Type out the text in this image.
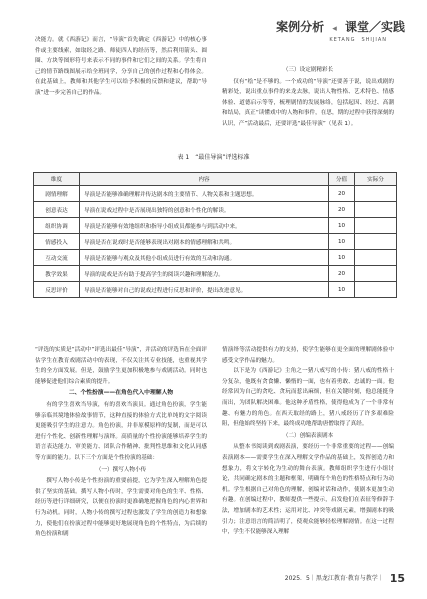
案例分析 ◂ 课堂／实践
KETANG　SHIJIAN

决能力。就《西游记》而言，“导演”首先确定《西游记》中的核心事件或主要线索，如取经之路、师徒四人的经历等，然后利用箭头、圆圈、方块等图形符号来表示不同的事件和它们之间的关系。学生将自己的情节路线图展示给全班同学，分享自己的创作过程和心得体会。在此基础上，教师和其他学生可以给予积极的反馈和建议，帮助“导演”进一步完善自己的作品。

（三）设定剧精彩长

仅有“绘”是不够的。一个成功的“导演”还要善于说，说出戏剧的精彩处，说出重点事件的来龙去脉，说出人物性格、艺术特色、情感体验、道德启示等等，梳理剧情的发展脉络，包括起因、经过、高潮和结局，真正“读懂戏中的人物和事件，在思，期的过程中获得深刻的认识，产”活动最后，还要评选“最佳导演”（见表 1）。

表 1　“最佳导演”评选标准
维度	内容	分值	实际分
剧情理解	导演是否能够准确理解并传达剧本的主要情节、人物关系和主题思想。	20	
创意表达	导演在说戏过程中是否展现出独特的创意和个性化的解读。	20	
组织协调	导演是否能够有效地组织和指导小组成员都能参与到活动中来。	10	
情感投入	导演是否在说戏时是否能够表现出对剧本的情感理解和共鸣。	10	
互动交流	导演是否能够与观众及其他小组成员进行有效的互动和沟通。	10	
教学效果	导演的说戏是否有助于提高学生的阅读兴趣和理解能力。	20	
反思评价	导演是否能够对自己的说戏过程进行反思和评价，提出改进意见。	10	

“评选的实质是“活动中”评选出最佳“导演”，并活动的评选旨在全面评估学生在教育戏剧活动中的表现，不仅关注其专业技能，也重视其学生的全方面发展。但是，鼓励学生更加积极地参与戏剧活动。同时也能够促进他们综合素质的提升。

二、个性扮演——在角色代入中理解人物

有的学生喜欢当导演，有的喜欢当演员。通过角色扮演，学生能够亲临其境地体验故事情节，这种直接的体验方式比单纯的文字阅读更能吸引学生的注意力。角色扮演，并非原模原样的复制，而是可以进行个性化、创新性理解与演绎。高质量的个性扮演能够培养学生的语言表达能力、审美能力、团队合作精神、批判性思维和文化认同感等方面的能力。以下三个方面是个性扮演的基础：

（一）撰写人物小传

撰写人物小传是个性扮演的重要前提，它为学生深入理解角色提供了坚实的基础。撰写人物小传时，学生需要对角色的生平、性格、经历等进行详细研究，以便在扮演时更准确地把握角色的内心世界和行为动机。同时，人物小传的撰写过程也激发了学生的创造力和想象力，使他们在扮演过程中能够更好地展现角色的个性特点，为后续的角色扮演和剧

情演绎等活动提供有力的支持，使学生能够在更全面的理解剧体验中感受文学作品的魅力。

以下是为《西游记》主角之一猪八戒写的小传：猪八戒的性格十分复杂，他既有贪食懒、懒惰的一面，也有着勇敢、忠诚的一面。他经常因为自己的贪吃、贪玩而惹出麻烦，但在关键时刻，他总能挺身而出，为团队解决困难。他这种矛盾性格，使得他成为了一个非常有趣、有魅力的角色。在西天取经的路上，猪八戒经历了许多艰难险阻，但他始终坚持下来，最终成功地帮助唐僧取得了真经。

（二）创编表演剧本

从整本书阅读到戏剧表演，要经历一个非常重要的过程——创编表演剧本——需要学生在深入理解文学作品的基础上，发挥创造力和想象力，将文字转化为生动的舞台表演。教师组织学生进行小组讨论，共同确定剧本的主题和框架，明确每个角色的性格特点和行为动机。学生根据自己对角色的理解，创编对话和动作，使剧本更加生动有趣。在创编过程中，教师提供一些提示，启发他们在表征等修辞手法，增加剧本的艺术性；运用对比、冲突等戏剧元素，增强剧本的吸引力；注意语言的简洁明了，使观众能够轻松理解剧情。在这一过程中，学生不仅能够深入理解

2025．5｜黑龙江教育·教育与教学｜ 15
